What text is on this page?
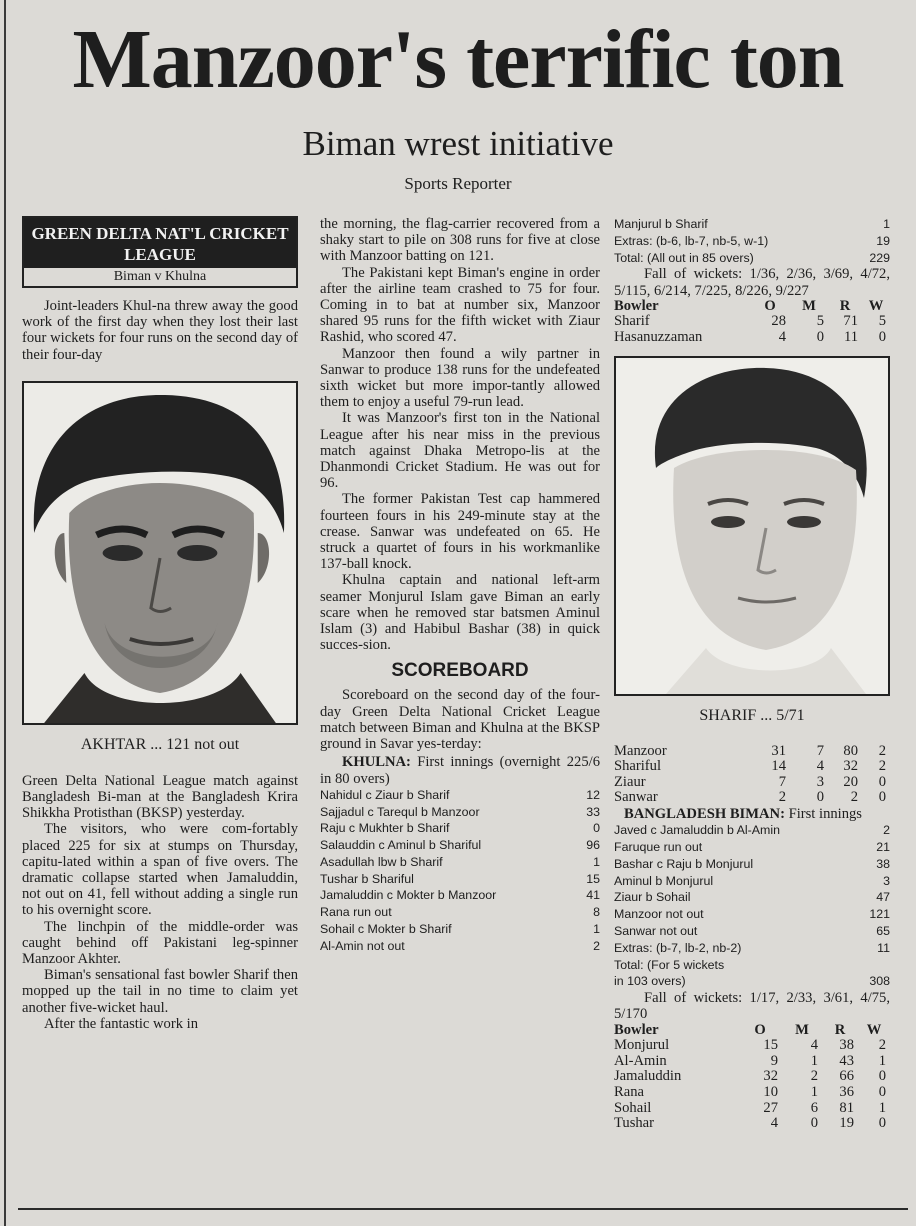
Manzoor's terrific ton
Biman wrest initiative
Sports Reporter
GREEN DELTA NAT'L CRICKET LEAGUE
Biman v Khulna

Joint-leaders Khul-na threw away the good work of the first day when they lost their last four wickets for four runs on the second day of their four-day

AKHTAR ... 121 not out

Green Delta National League match against Bangladesh Bi-man at the Bangladesh Krira Shikkha Protisthan (BKSP) yesterday.

The visitors, who were com-fortably placed 225 for six at stumps on Thursday, capitu-lated within a span of five overs. The dramatic collapse started when Jamaluddin, not out on 41, fell without adding a single run to his overnight score.

The linchpin of the middle-order was caught behind off Pakistani leg-spinner Manzoor Akhter.

Biman's sensational fast bowler Sharif then mopped up the tail in no time to claim yet another five-wicket haul.

After the fantastic work in

the morning, the flag-carrier recovered from a shaky start to pile on 308 runs for five at close with Manzoor batting on 121.

The Pakistani kept Biman's engine in order after the airline team crashed to 75 for four. Coming in to bat at number six, Manzoor shared 95 runs for the fifth wicket with Ziaur Rashid, who scored 47.

Manzoor then found a wily partner in Sanwar to produce 138 runs for the undefeated sixth wicket but more impor-tantly allowed them to enjoy a useful 79-run lead.

It was Manzoor's first ton in the National League after his near miss in the previous match against Dhaka Metropo-lis at the Dhanmondi Cricket Stadium. He was out for 96.

The former Pakistan Test cap hammered fourteen fours in his 249-minute stay at the crease. Sanwar was undefeated on 65. He struck a quartet of fours in his workmanlike 137-ball knock.

Khulna captain and national left-arm seamer Monjurul Islam gave Biman an early scare when he removed star batsmen Aminul Islam (3) and Habibul Bashar (38) in quick succes-sion.

SCOREBOARD

Scoreboard on the second day of the four-day Green Delta National Cricket League match between Biman and Khulna at the BKSP ground in Savar yes-terday:

KHULNA: First innings (overnight 225/6 in 80 overs)

Nahidul c Ziaur b Sharif	12
Sajjadul c Tarequl b Manzoor	33
Raju c Mukhter b Sharif	0
Salauddin c Aminul b Shariful	96
Asadullah lbw b Sharif	1
Tushar b Shariful	15
Jamaluddin c Mokter b Manzoor	41
Rana run out	8
Sohail c Mokter b Sharif	1
Al-Amin not out	2
Manjurul b Sharif	1
Extras: (b-6, lb-7, nb-5, w-1)	19
Total: (All out in 85 overs)	229

Fall of wickets: 1/36, 2/36, 3/69, 4/72, 5/115, 6/214, 7/225, 8/226, 9/227

Bowler	O	M	R	W
Sharif	28	5	71	5
Hasanuzzaman	4	0	11	0
SHARIF ... 5/71
Manzoor	31	7	80	2
Shariful	14	4	32	2
Ziaur	7	3	20	0
Sanwar	2	0	2	0

BANGLADESH BIMAN: First innings

Javed c Jamaluddin b Al-Amin	2
Faruque run out	21
Bashar c Raju b Monjurul	38
Aminul b Monjurul	3
Ziaur b Sohail	47
Manzoor not out	121
Sanwar not out	65
Extras: (b-7, lb-2, nb-2)	11
Total: (For 5 wickets
in 103 overs)	308

Fall of wickets: 1/17, 2/33, 3/61, 4/75, 5/170

Bowler	O	M	R	W
Monjurul	15	4	38	2
Al-Amin	9	1	43	1
Jamaluddin	32	2	66	0
Rana	10	1	36	0
Sohail	27	6	81	1
Tushar	4	0	19	0
